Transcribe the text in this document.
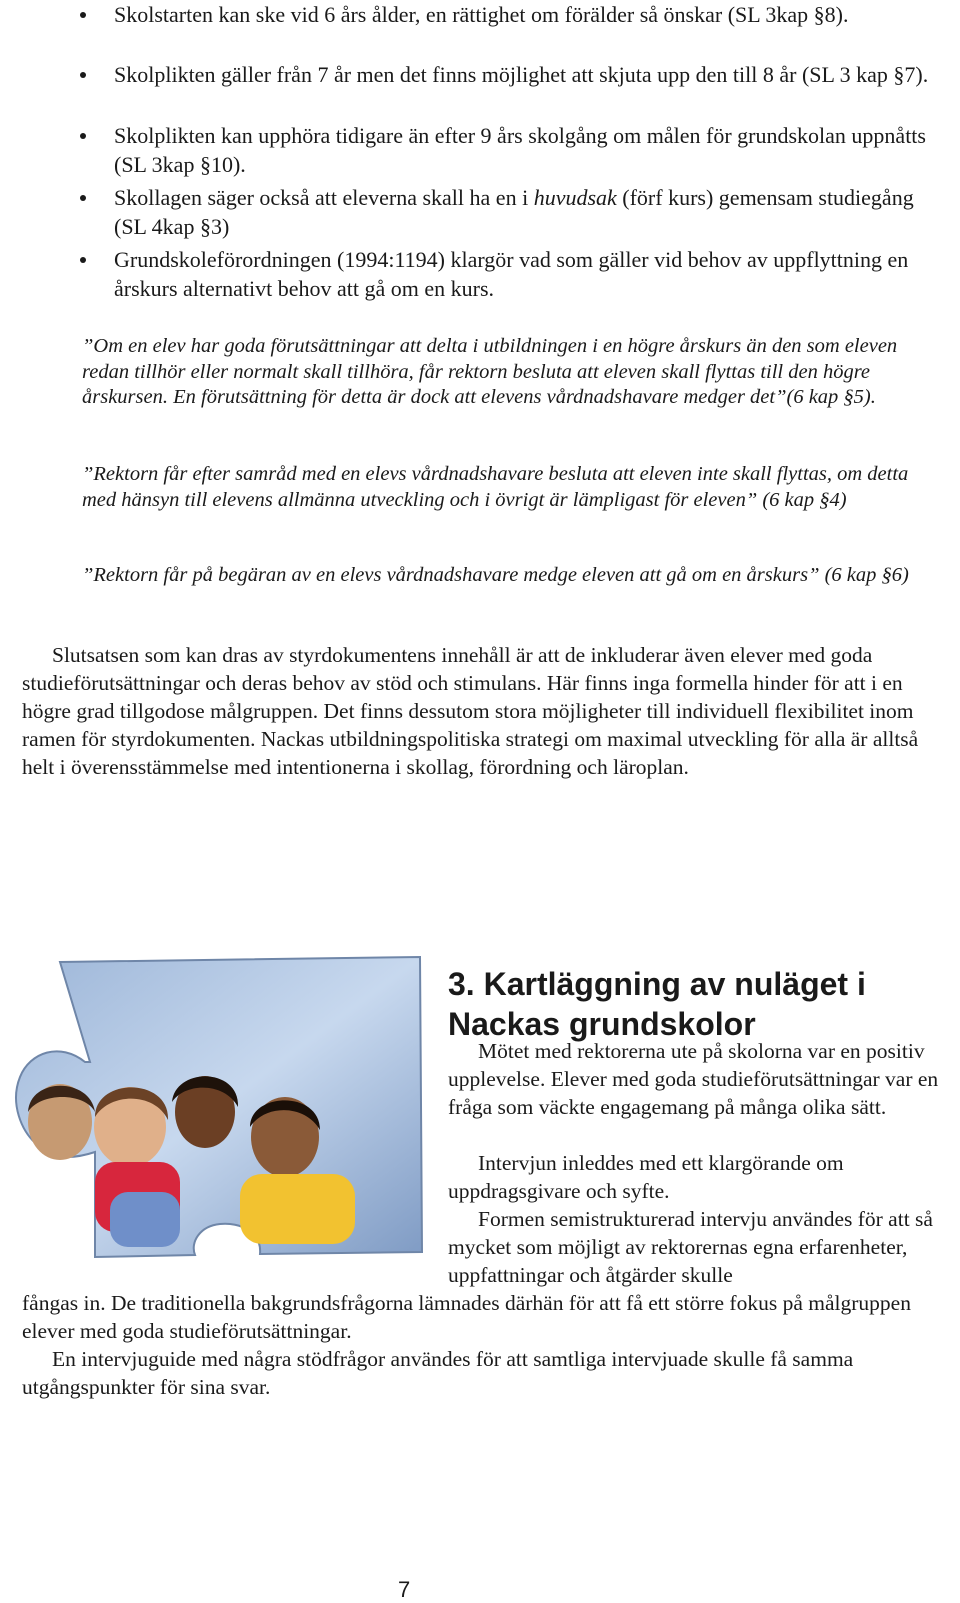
Skolstarten kan ske vid 6 års ålder, en rättighet om förälder så önskar (SL 3kap §8).
Skolplikten gäller från 7 år men det finns möjlighet att skjuta upp den till 8 år (SL 3 kap §7).
Skolplikten kan upphöra tidigare än efter 9 års skolgång om målen för grundskolan uppnåtts (SL 3kap §10).
Skollagen säger också att eleverna skall ha en i huvudsak (förf kurs) gemensam studiegång (SL 4kap §3)
Grundskoleförordningen (1994:1194) klargör vad som gäller vid behov av uppflyttning en årskurs alternativt behov att gå om en kurs.
”Om en elev har goda förutsättningar att delta i utbildningen i en högre årskurs än den som eleven redan tillhör eller normalt skall tillhöra, får rektorn besluta att eleven skall flyttas till den högre årskursen. En förutsättning för detta är dock att elevens vårdnadshavare medger det”(6 kap §5).
”Rektorn får efter samråd med en elevs vårdnadshavare besluta att eleven inte skall flyttas, om detta med hänsyn till elevens allmänna utveckling och i övrigt är lämpligast för eleven” (6 kap §4)
”Rektorn får på begäran av en elevs vårdnadshavare medge eleven att gå om en årskurs” (6 kap §6)

Slutsatsen som kan dras av styrdokumentens innehåll är att de inkluderar även elever med goda studieförutsättningar och deras behov av stöd och stimulans. Här finns inga formella hinder för att i en högre grad tillgodose målgruppen. Det finns dessutom stora möjligheter till individuell flexibilitet inom ramen för styrdokumenten. Nackas utbildningspolitiska strategi om maximal utveckling för alla är alltså helt i överensstämmelse med intentionerna i skollag, förordning och läroplan.

3. Kartläggning av nuläget i Nackas grundskolor

Mötet med rektorerna ute på skolorna var en positiv upplevelse. Elever med goda studieförutsättningar var en fråga som väckte engagemang på många olika sätt.

Intervjun inleddes med ett klargörande om uppdragsgivare och syfte.

Formen semistrukturerad intervju användes för att så mycket som möjligt av rektorernas egna erfarenheter, uppfattningar och åtgärder skulle

fångas in. De traditionella bakgrundsfrågorna lämnades därhän för att få ett större fokus på målgruppen elever med goda studieförutsättningar.

En intervjuguide med några stödfrågor användes för att samtliga intervjuade skulle få samma utgångspunkter för sina svar.

7
